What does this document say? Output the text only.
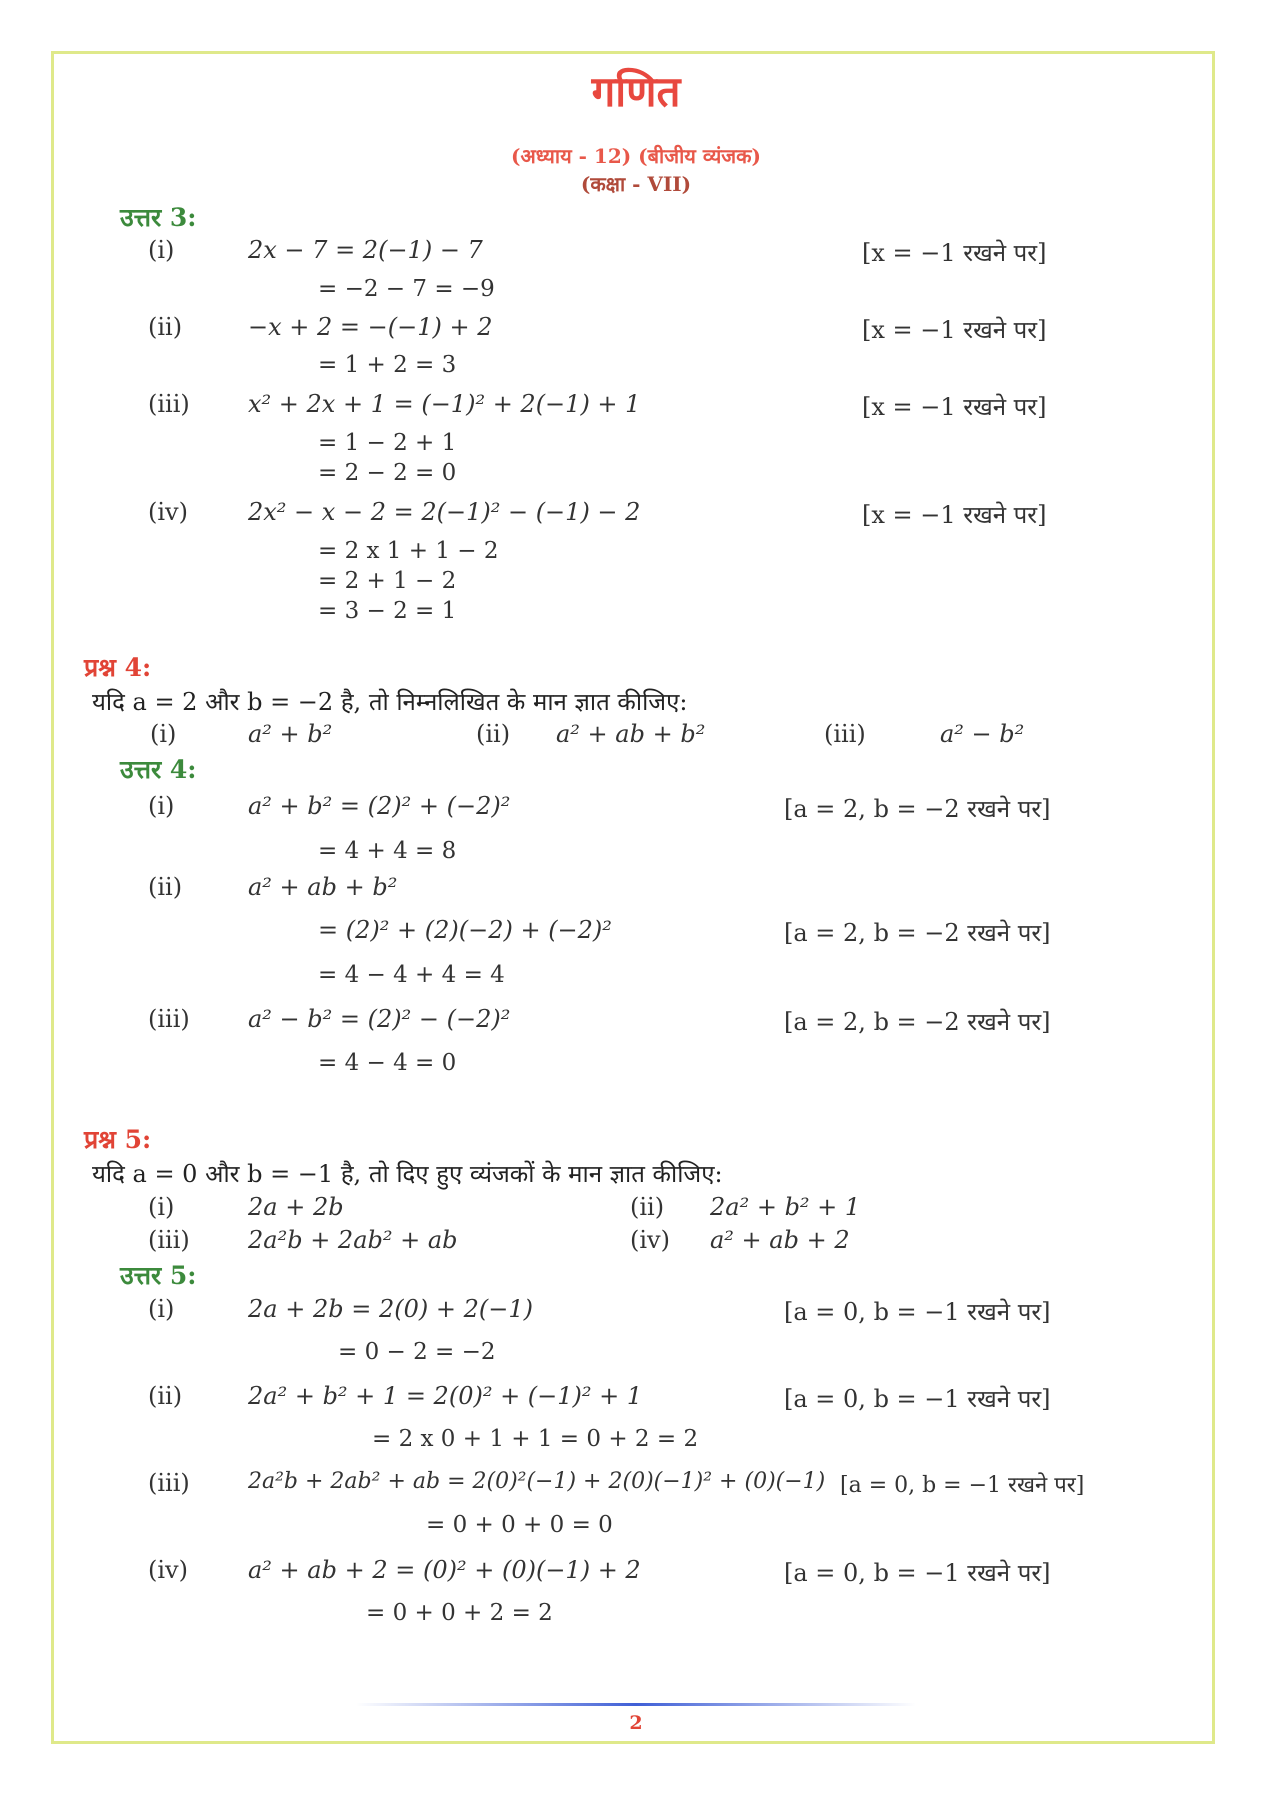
गणित
(अध्याय - 12) (बीजीय व्यंजक)
(कक्षा - VII)
उत्तर 3:
(i)	2x − 7 = 2(−1) − 7	[x = −1 रखने पर]
= −2 − 7 = −9
(ii)	−x + 2 = −(−1) + 2	[x = −1 रखने पर]
= 1 + 2 = 3
(iii) x² + 2x + 1 = (−1)² + 2(−1) + 1	[x = −1 रखने पर]
= 1 − 2 + 1
= 2 − 2 = 0
(iv)	2x² − x − 2 = 2(−1)² − (−1) − 2	[x = −1 रखने पर]
= 2 x 1 + 1 − 2
= 2 + 1 − 2
= 3 − 2 = 1
प्रश्न 4:
यदि a = 2 और b = −2 है, तो निम्नलिखित के मान ज्ञात कीजिए:
(i)	a² + b²	(ii) a² + ab + b²	(iii)	a² − b²
उत्तर 4:
(i)	a² + b² = (2)² + (−2)²	[a = 2, b = −2 रखने पर]
= 4 + 4 = 8
(ii)	a² + ab + b²
= (2)² + (2)(−2) + (−2)²	[a = 2, b = −2 रखने पर]
= 4 − 4 + 4 = 4
(iii) a² − b² = (2)² − (−2)²	[a = 2, b = −2 रखने पर]
= 4 − 4 = 0
प्रश्न 5:
यदि a = 0 और b = −1 है, तो दिए हुए व्यंजकों के मान ज्ञात कीजिए:
(i)	2a + 2b	(ii) 2a² + b² + 1
(iii) 2a²b + 2ab² + ab	(iv) a² + ab + 2
उत्तर 5:
(i)	2a + 2b = 2(0) + 2(−1)	[a = 0, b = −1 रखने पर]
= 0 − 2 = −2
(ii)	2a² + b² + 1 = 2(0)² + (−1)² + 1	[a = 0, b = −1 रखने पर]
= 2 x 0 + 1 + 1 = 0 + 2 = 2
(iii)	2a²b + 2ab² + ab = 2(0)²(−1) + 2(0)(−1)² + (0)(−1) [a = 0, b = −1 रखने पर]
= 0 + 0 + 0 = 0
(iv)	a² + ab + 2 = (0)² + (0)(−1) + 2	[a = 0, b = −1 रखने पर]
= 0 + 0 + 2 = 2
2
